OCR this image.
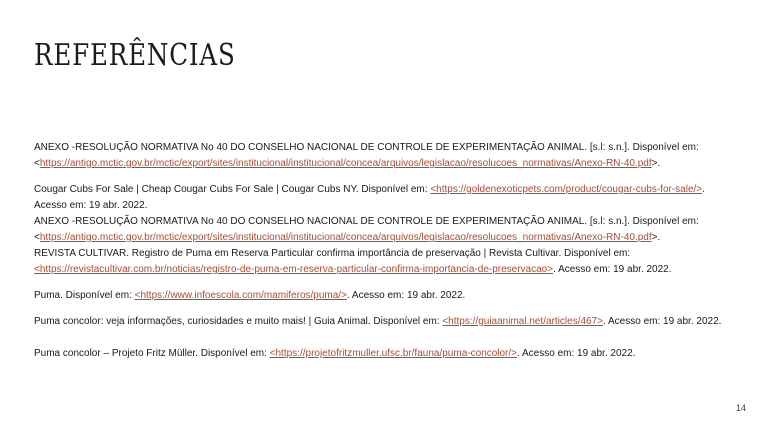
REFERÊNCIAS

ANEXO -RESOLUÇÃO NORMATIVA No 40 DO CONSELHO NACIONAL DE CONTROLE DE EXPERIMENTAÇÃO ANIMAL. [s.l: s.n.]. Disponível em: <https://antigo.mctic.gov.br/mctic/export/sites/institucional/institucional/concea/arquivos/legislacao/resolucoes_normativas/Anexo-RN-40.pdf>.

Cougar Cubs For Sale | Cheap Cougar Cubs For Sale | Cougar Cubs NY. Disponível em: <https://goldenexoticpets.com/product/cougar-cubs-for-sale/>. Acesso em: 19 abr. 2022.

ANEXO -RESOLUÇÃO NORMATIVA No 40 DO CONSELHO NACIONAL DE CONTROLE DE EXPERIMENTAÇÃO ANIMAL. [s.l: s.n.]. Disponível em: <https://antigo.mctic.gov.br/mctic/export/sites/institucional/institucional/concea/arquivos/legislacao/resolucoes_normativas/Anexo-RN-40.pdf>.

REVISTA CULTIVAR. Registro de Puma em Reserva Particular confirma importância de preservação | Revista Cultivar. Disponível em: <https://revistacultivar.com.br/noticias/registro-de-puma-em-reserva-particular-confirma-importancia-de-preservacao>. Acesso em: 19 abr. 2022.

Puma. Disponível em: <https://www.infoescola.com/mamiferos/puma/>. Acesso em: 19 abr. 2022.

Puma concolor: veja informações, curiosidades e muito mais! | Guia Animal. Disponível em: <https://guiaanimal.net/articles/467>. Acesso em: 19 abr. 2022.

Puma concolor – Projeto Fritz Müller. Disponível em: <https://projetofritzmuller.ufsc.br/fauna/puma-concolor/>. Acesso em: 19 abr. 2022.

14
